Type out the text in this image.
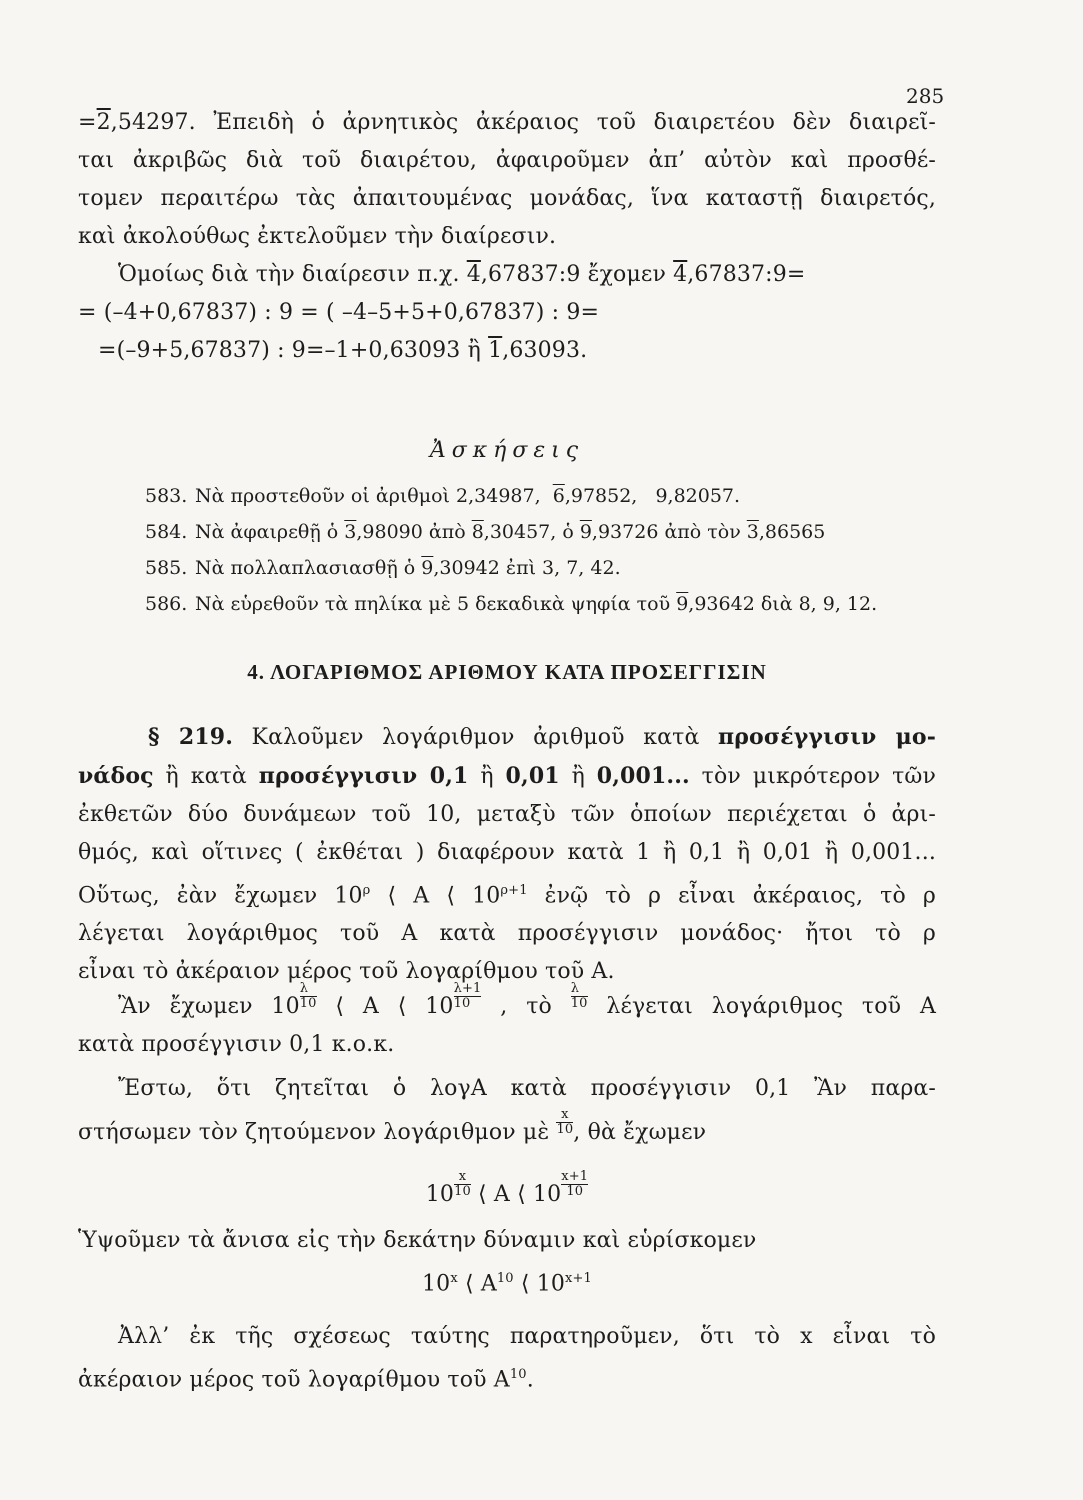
285
=2,54297. Ἐπειδὴ ὁ ἀρνητικὸς ἀκέραιος τοῦ διαιρετέου δὲν διαιρεῖ-
ται ἀκριβῶς διὰ τοῦ διαιρέτου, ἀφαιροῦμεν ἀπ’ αὐτὸν καὶ προσθέ-
τομεν περαιτέρω τὰς ἀπαιτουμένας μονάδας, ἵνα καταστῇ διαιρετός,
καὶ ἀκολούθως ἐκτελοῦμεν τὴν διαίρεσιν.
Ὁμοίως διὰ τὴν διαίρεσιν π.χ. 4,67837:9 ἔχομεν 4,67837:9=
= (–4+0,67837) : 9 = ( –4–5+5+0,67837) : 9=
=(–9+5,67837) : 9=–1+0,63093 ἢ 1,63093.
Ἀσκήσεις
583. Νὰ προστεθοῦν οἱ ἀριθμοὶ 2,34987,  6,97852,   9,82057.
584. Νὰ ἀφαιρεθῇ ὁ 3,98090 ἀπὸ 8,30457, ὁ 9,93726 ἀπὸ τὸν 3,86565
585. Νὰ πολλαπλασιασθῇ ὁ 9,30942 ἐπὶ 3, 7, 42.
586. Νὰ εὑρεθοῦν τὰ πηλίκα μὲ 5 δεκαδικὰ ψηφία τοῦ 9,93642 διὰ 8, 9, 12.
4. ΛΟΓΑΡΙΘΜΟΣ ΑΡΙΘΜΟΥ ΚΑΤΑ ΠΡΟΣΕΓΓΙΣΙΝ
§ 219. Καλοῦμεν λογάριθμον ἀριθμοῦ κατὰ προσέγγισιν μο-
νάδος ἢ κατὰ προσέγγισιν 0,1 ἢ 0,01 ἢ 0,001... τὸν μικρότερον τῶν
ἐκθετῶν δύο δυνάμεων τοῦ 10, μεταξὺ τῶν ὁποίων περιέχεται ὁ ἀρι-
θμός, καὶ οἵτινες ( ἐκθέται ) διαφέρουν κατὰ 1 ἢ 0,1 ἢ 0,01 ἢ 0,001...
Οὕτως, ἐὰν ἔχωμεν $10^\rho$ ⟨ Α ⟨ $10^{\rho+1}$ ἐνῷ τὸ ρ εἶναι ἀκέραιος, τὸ ρ
λέγεται λογάριθμος τοῦ Α κατὰ προσέγγισιν μονάδος· ἤτοι τὸ ρ
εἶναι τὸ ἀκέραιον μέρος τοῦ λογαρίθμου τοῦ Α.
Ἂν ἔχωμεν $10 \frac{\lambda}{10}$ ⟨ Α ⟨ $10 \frac{\lambda+1}{10}$ , τὸ $\frac{\lambda}{10}$ λέγεται λογάριθμος τοῦ Α
κατὰ προσέγγισιν 0,1 κ.ο.κ.
Ἔστω, ὅτι ζητεῖται ὁ λογΑ κατὰ προσέγγισιν 0,1 Ἂν παρα-
στήσωμεν τὸν ζητούμενον λογάριθμον μὲ $\frac{x}{10}$ , θὰ ἔχωμεν
$10 \frac{x}{10}$ ⟨ Α ⟨ $10 \frac{x+1}{10}$
Ὑψοῦμεν τὰ ἄνισα εἰς τὴν δεκάτην δύναμιν καὶ εὑρίσκομεν
10$^x$ ⟨ $A^{10}$ ⟨ $10^{x+1}$
Ἀλλ’ ἐκ τῆς σχέσεως ταύτης παρατηροῦμεν, ὅτι τὸ x εἶναι τὸ
ἀκέραιον μέρος τοῦ λογαρίθμου τοῦ $A^{10}$.
